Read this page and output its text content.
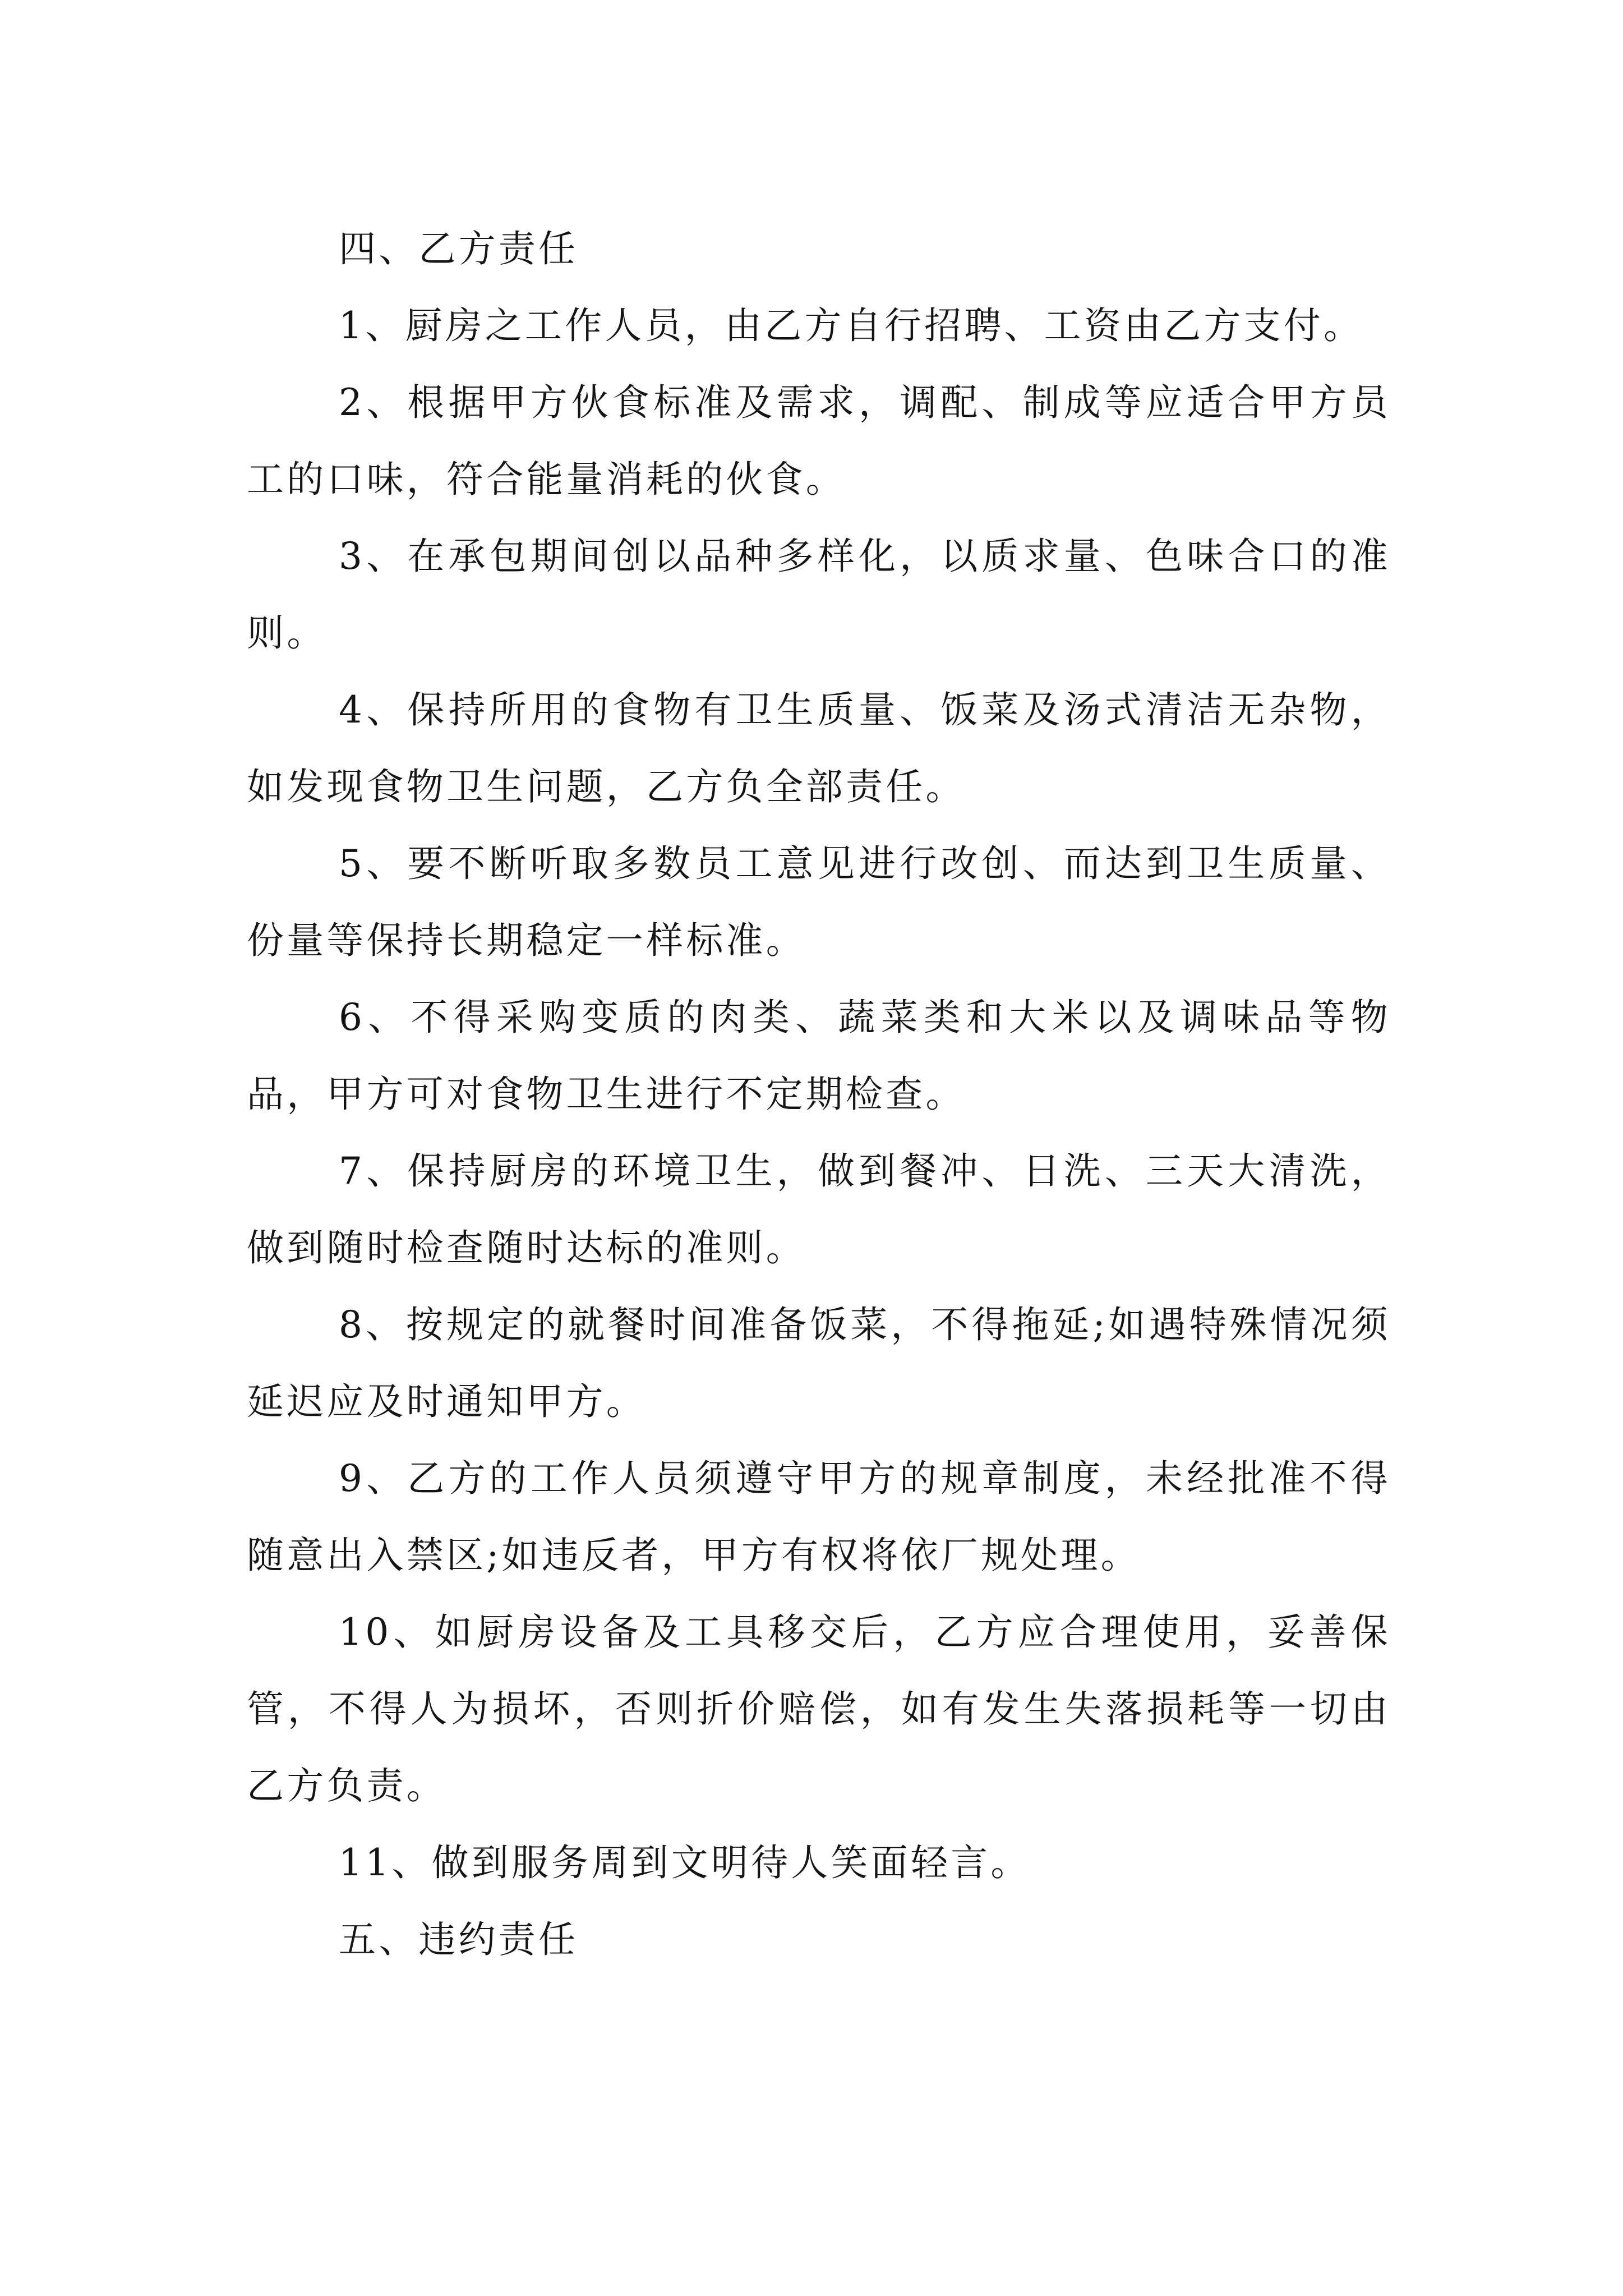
四、乙方责任

1、厨房之工作人员，由乙方自行招聘、工资由乙方支付。

2、根据甲方伙食标准及需求，调配、制成等应适合甲方员工的口味，符合能量消耗的伙食。

3、在承包期间创以品种多样化，以质求量、色味合口的准则。

4、保持所用的食物有卫生质量、饭菜及汤式清洁无杂物，如发现食物卫生问题，乙方负全部责任。

5、要不断听取多数员工意见进行改创、而达到卫生质量、份量等保持长期稳定一样标准。

6、不得采购变质的肉类、蔬菜类和大米以及调味品等物品，甲方可对食物卫生进行不定期检查。

7、保持厨房的环境卫生，做到餐冲、日洗、三天大清洗，做到随时检查随时达标的准则。

8、按规定的就餐时间准备饭菜，不得拖延;如遇特殊情况须延迟应及时通知甲方。

9、乙方的工作人员须遵守甲方的规章制度，未经批准不得随意出入禁区;如违反者，甲方有权将依厂规处理。

10、如厨房设备及工具移交后，乙方应合理使用，妥善保管，不得人为损坏，否则折价赔偿，如有发生失落损耗等一切由乙方负责。

11、做到服务周到文明待人笑面轻言。

五、违约责任
